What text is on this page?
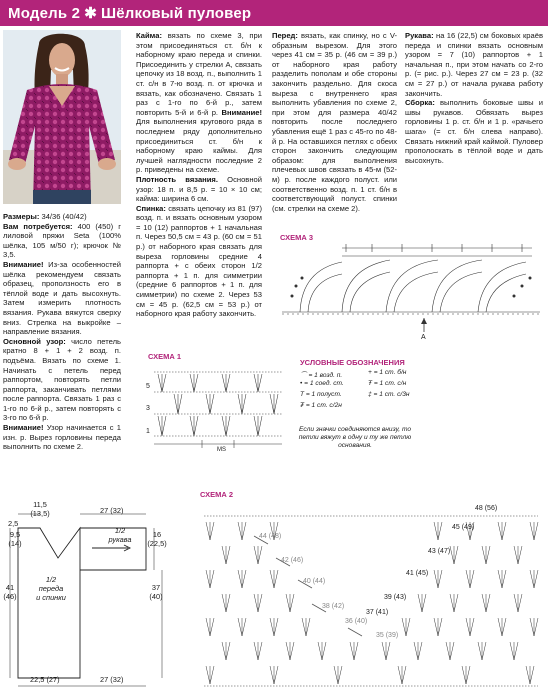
Модель 2 ✱ Шёлковый пуловер

Размеры: 34/36 (40/42)

Вам потребуется: 400 (450) г лиловой пряжи Seta (100% шёлка, 105 м/50 г); крючок № 3,5.

Внимание! Из-за особенностей шёлка рекомендуем связать образец, проползность его в тёплой воде и дать высохнуть. Затем измерить плотность вязания. Рукава вяжутся сверху вниз. Стрелка на выкройке – направление вязания.

Основной узор: число петель кратно 8 + 1 + 2 возд. п. подъёма. Вязать по схеме 1. Начинать с петель перед раппортом, повторять петли раппорта, заканчивать петлями после раппорта. Связать 1 раз с 1-го по 6-й р., затем повторять с 3-го по 6-й р.

Внимание! Узор начинается с 1 изн. р. Вырез горловины переда выполнить по схеме 2.

Каймa: вязать по схеме 3, при этом присоединяться ст. б/н к наборному краю переда и спинки. Присоединить у стрелки А, связать цепочку из 18 возд. п., выполнить 1 ст. с/н в 7-ю возд. п. от крючка и вязать, как обозначено. Связать 1 раз с 1-го по 6-й р., затем повторить 5-й и 6-й р. Внимание! Для выполнения кругового ряда в последнем ряду дополнительно присоединиться ст. б/н к наборному краю каймы. Для лучшей наглядности последние 2 р. приведены на схеме.

Плотность вязания. Основной узор: 18 п. и 8,5 р. = 10 × 10 см; каймa: ширина 6 см.

Спинка: связать цепочку из 81 (97) возд. п. и вязать основным узором = 10 (12) раппортов + 1 начальная п. Через 50,5 см = 43 р. (60 см = 51 р.) от наборного края связать для выреза горловины средние 4 раппорта + с обеих сторон 1/2 раппорта + 1 п. для симметрии (средние 6 раппортов + 1 п. для симметрии) по схеме 2. Через 53 см = 45 р. (62,5 см = 53 р.) от наборного края работу закончить.

Перед: вязать, как спинку, но с V-образным вырезом. Для этого через 41 см = 35 р. (46 см = 39 р.) от наборного края работу разделить пополам и обе стороны закончить раздельно. Для скоса выреза с внутреннего края выполнить убавления по схеме 2, при этом для размера 40/42 повторить после последнего убавления ещё 1 раз с 45-го по 48-й р. На оставшихся петлях с обеих сторон закончить следующим образом: для выполнения плечевых швов связать в 45-м (52-м) р. после каждого полуст. или соответственно возд. п. 1 ст. б/н в соответствующий полуст. спинки (см. стрелки на схеме 2).

Рукава: на 16 (22,5) см боковых краёв переда и спинки вязать основным узором = 7 (10) раппортов + 1 начальная п., при этом начать со 2-го р. (= рис. р.). Через 27 см = 23 р. (32 см = 27 р.) от начала рукава работу закончить.

Сборка: выполнить боковые швы и швы рукавов. Обвязать вырез горловины 1 р. ст. б/н и 1 р. «рачьего шага» (= ст. б/н слева направо). Связать нижний край каймой. Пуловер прополоскать в тёплой воде и дать высохнуть.

СХЕМА 3
A
СХЕМА 1
5
3
1
MS
УСЛОВНЫЕ ОБОЗНАЧЕНИЯ
⌒ = 1 возд. п.
• = 1 соед. ст.
T = 1 полуст.
₮ = 1 ст. с/2н
+ = 1 ст. б/н
Ŧ = 1 ст. с/н
‡ = 1 ст. с/3н
Если значки соединяются внизу, то петли вяжут в одну и ту же петлю основания.
11,5
(13,5)	27 (32)
2,5
9,5
(14)
1/2
рукава
16
(22,5)
1/2
переда
и спинки
41
(46)
37
(40)
22,5 (27)	27 (32)
СХЕМА 2
48 (56)
45 (49)
44 (48)
43 (47)
42 (46)
41 (45)
40 (44)
39 (43)
38 (42)
37 (41)
36 (40)
35 (39)
